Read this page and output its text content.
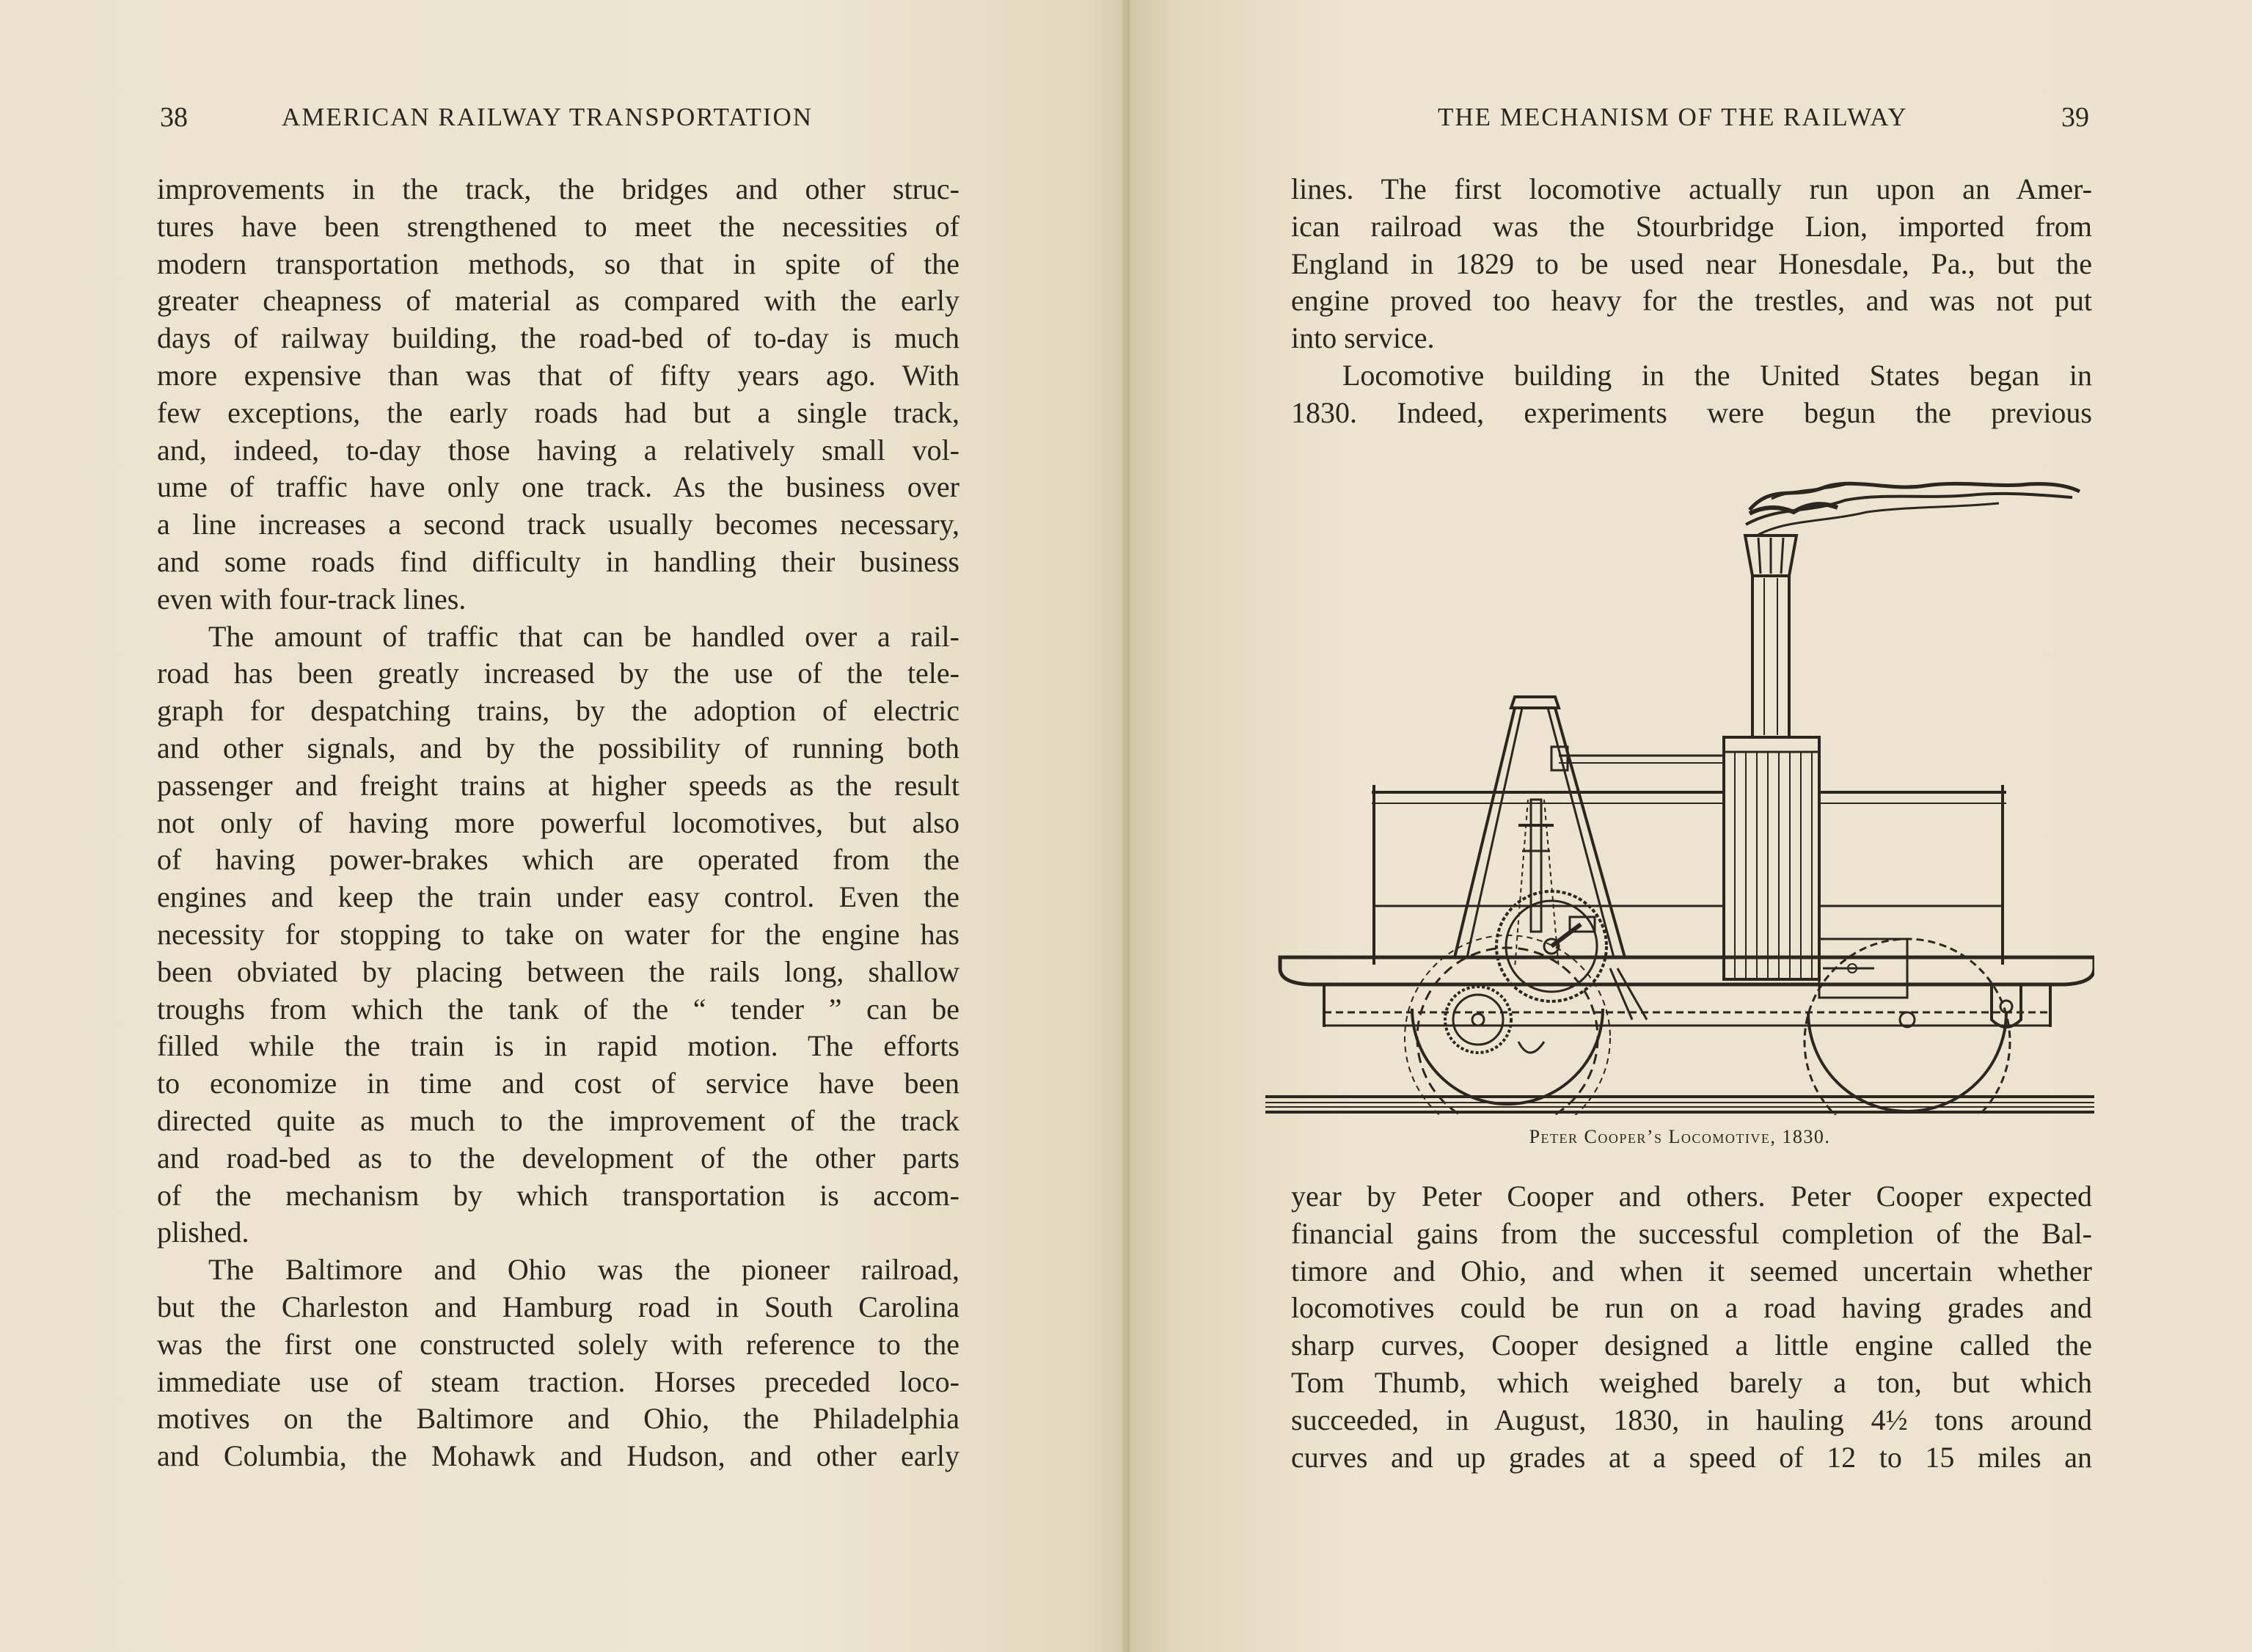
38	AMERICAN RAILWAY TRANSPORTATION
improvements in the track, the bridges and other struc-
tures have been strengthened to meet the necessities of
modern transportation methods, so that in spite of the
greater cheapness of material as compared with the early
days of railway building, the road-bed of to-day is much
more expensive than was that of fifty years ago. With
few exceptions, the early roads had but a single track,
and, indeed, to-day those having a relatively small vol-
ume of traffic have only one track. As the business over
a line increases a second track usually becomes necessary,
and some roads find difficulty in handling their business
even with four-track lines.
The amount of traffic that can be handled over a rail-
road has been greatly increased by the use of the tele-
graph for despatching trains, by the adoption of electric
and other signals, and by the possibility of running both
passenger and freight trains at higher speeds as the result
not only of having more powerful locomotives, but also
of having power-brakes which are operated from the
engines and keep the train under easy control. Even the
necessity for stopping to take on water for the engine has
been obviated by placing between the rails long, shallow
troughs from which the tank of the “ tender ” can be
filled while the train is in rapid motion. The efforts
to economize in time and cost of service have been
directed quite as much to the improvement of the track
and road-bed as to the development of the other parts
of the mechanism by which transportation is accom-
plished.
The Baltimore and Ohio was the pioneer railroad,
but the Charleston and Hamburg road in South Carolina
was the first one constructed solely with reference to the
immediate use of steam traction. Horses preceded loco-
motives on the Baltimore and Ohio, the Philadelphia
and Columbia, the Mohawk and Hudson, and other early
THE MECHANISM OF THE RAILWAY	39
lines. The first locomotive actually run upon an Amer-
ican railroad was the Stourbridge Lion, imported from
England in 1829 to be used near Honesdale, Pa., but the
engine proved too heavy for the trestles, and was not put
into service.
Locomotive building in the United States began in
1830. Indeed, experiments were begun the previous
Peter Cooper’s Locomotive, 1830.
year by Peter Cooper and others. Peter Cooper expected
financial gains from the successful completion of the Bal-
timore and Ohio, and when it seemed uncertain whether
locomotives could be run on a road having grades and
sharp curves, Cooper designed a little engine called the
Tom Thumb, which weighed barely a ton, but which
succeeded, in August, 1830, in hauling 4½ tons around
curves and up grades at a speed of 12 to 15 miles an
